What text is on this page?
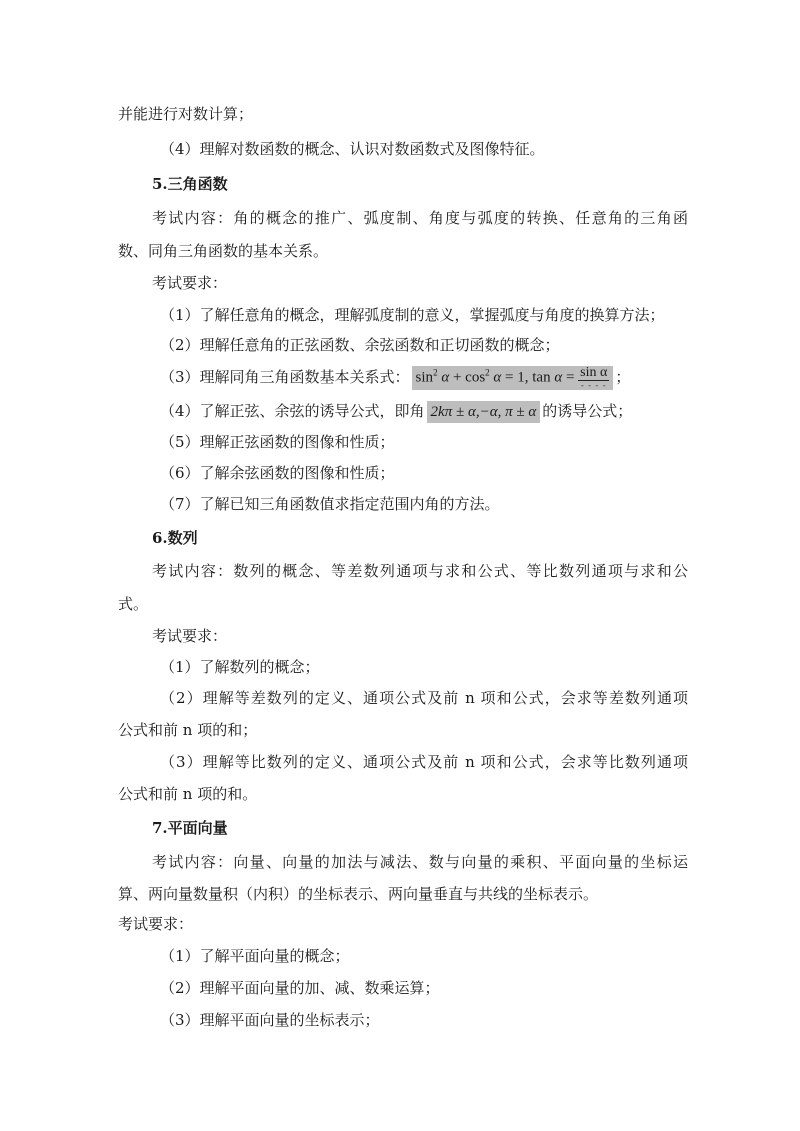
并能进行对数计算；
（4）理解对数函数的概念、认识对数函数式及图像特征。
5.三角函数
考试内容：角的概念的推广、弧度制、角度与弧度的转换、任意角的三角函
数、同角三角函数的基本关系。
考试要求：
（1）了解任意角的概念，理解弧度制的意义，掌握弧度与角度的换算方法；
（2）理解任意角的正弦函数、余弦函数和正切函数的概念；
（3）理解同角三角函数基本关系式： $\sin^2 \alpha + \cos^2 \alpha = 1$, $\tan \alpha = \frac{\text{sin α}}{- - - -}$ ；
（4）了解正弦、余弦的诱导公式，即角 2kπ ± α,−α, π ± α 的诱导公式；
（5）理解正弦函数的图像和性质；
（6）了解余弦函数的图像和性质；
（7）了解已知三角函数值求指定范围内角的方法。
6.数列
考试内容：数列的概念、等差数列通项与求和公式、等比数列通项与求和公
式。
考试要求：
（1）了解数列的概念；
（2）理解等差数列的定义、通项公式及前 n 项和公式，会求等差数列通项
公式和前 n 项的和；
（3）理解等比数列的定义、通项公式及前 n 项和公式，会求等比数列通项
公式和前 n 项的和。
7.平面向量
考试内容：向量、向量的加法与减法、数与向量的乘积、平面向量的坐标运
算、两向量数量积（内积）的坐标表示、两向量垂直与共线的坐标表示。
考试要求：
（1）了解平面向量的概念；
（2）理解平面向量的加、减、数乘运算；
（3）理解平面向量的坐标表示；
